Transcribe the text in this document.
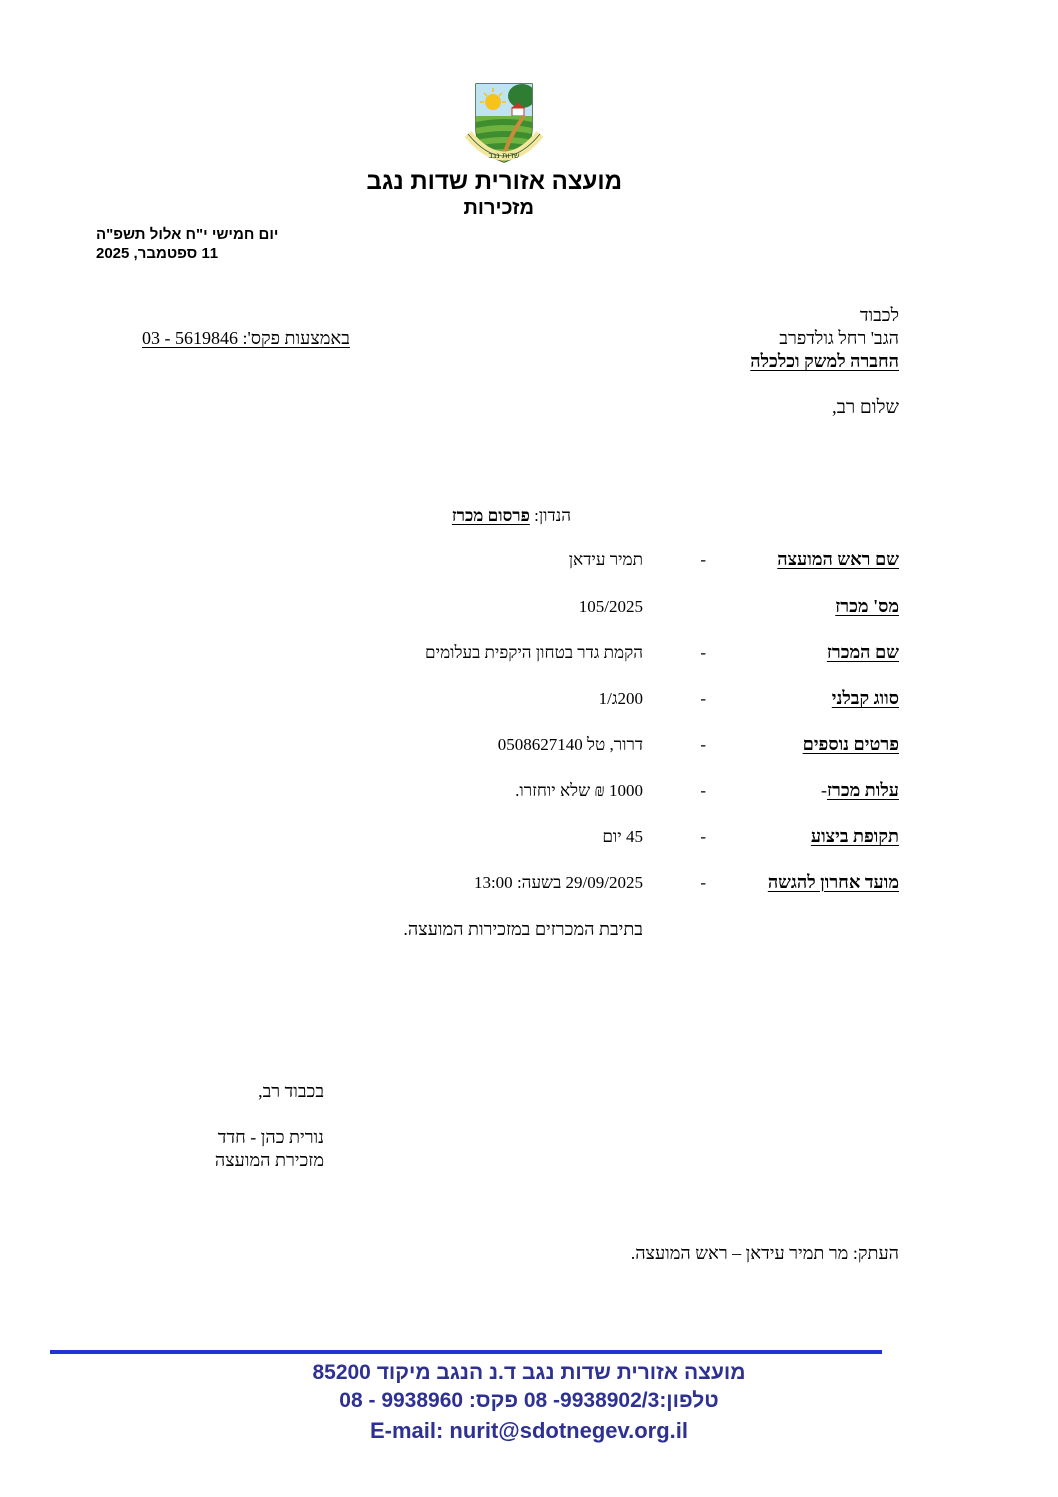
שדות נגב
מועצה אזורית שדות נגב
מזכירות
יום חמישי י"ח אלול תשפ"ה
11 ספטמבר, 2025
לכבוד
הגב' רחל גולדפרב
החברה למשק וכלכלה
באמצעות פקס': 03 - 5619846
שלום רב,
הנדון: פרסום מכרז
שם ראש המועצה
-
תמיר עידאן
מס' מכרז
105/2025
שם המכרז
-
הקמת גדר בטחון היקפית בעלומים
סווג קבלני
-
200ג/1
פרטים נוספים
-
דרור, טל 0508627140
עלות מכרז-
-
1000 ₪ שלא יוחזרו.
תקופת ביצוע
-
45 יום
מועד אחרון להגשה
-
29/09/2025 בשעה: 13:00
בתיבת המכרזים במזכירות המועצה.
בכבוד רב,
נורית כהן - חדד
מזכירת המועצה
העתק: מר תמיר עידאן – ראש המועצה.
מועצה אזורית שדות נגב ד.נ הנגב מיקוד 85200
טלפון:9938902/3- 08 פקס: 9938960 - 08
E-mail: nurit@sdotnegev.org.il
